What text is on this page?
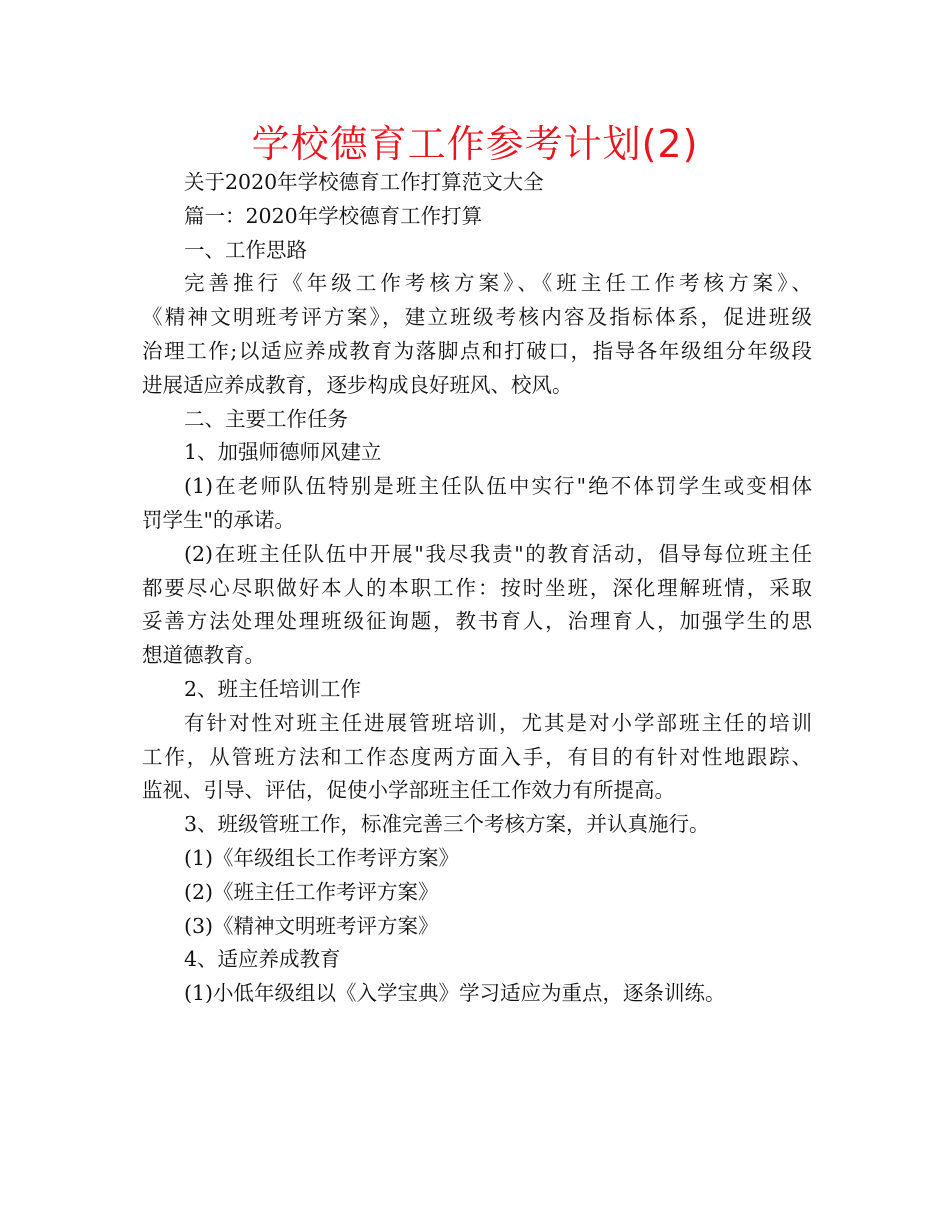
学校德育工作参考计划(2)
关于2020年学校德育工作打算范文大全
篇一：2020年学校德育工作打算
一、工作思路
完善推行《年级工作考核方案》、《班主任工作考核方案》、
《精神文明班考评方案》，建立班级考核内容及指标体系，促进班级
治理工作;以适应养成教育为落脚点和打破口，指导各年级组分年级段
进展适应养成教育，逐步构成良好班风、校风。
二、主要工作任务
1、加强师德师风建立
(1)在老师队伍特别是班主任队伍中实行"绝不体罚学生或变相体
罚学生"的承诺。
(2)在班主任队伍中开展"我尽我责"的教育活动，倡导每位班主任
都要尽心尽职做好本人的本职工作：按时坐班，深化理解班情，采取
妥善方法处理处理班级征询题，教书育人，治理育人，加强学生的思
想道德教育。
2、班主任培训工作
有针对性对班主任进展管班培训，尤其是对小学部班主任的培训
工作，从管班方法和工作态度两方面入手，有目的有针对性地跟踪、
监视、引导、评估，促使小学部班主任工作效力有所提高。
3、班级管班工作，标准完善三个考核方案，并认真施行。
(1)《年级组长工作考评方案》
(2)《班主任工作考评方案》
(3)《精神文明班考评方案》
4、适应养成教育
(1)小低年级组以《入学宝典》学习适应为重点，逐条训练。
